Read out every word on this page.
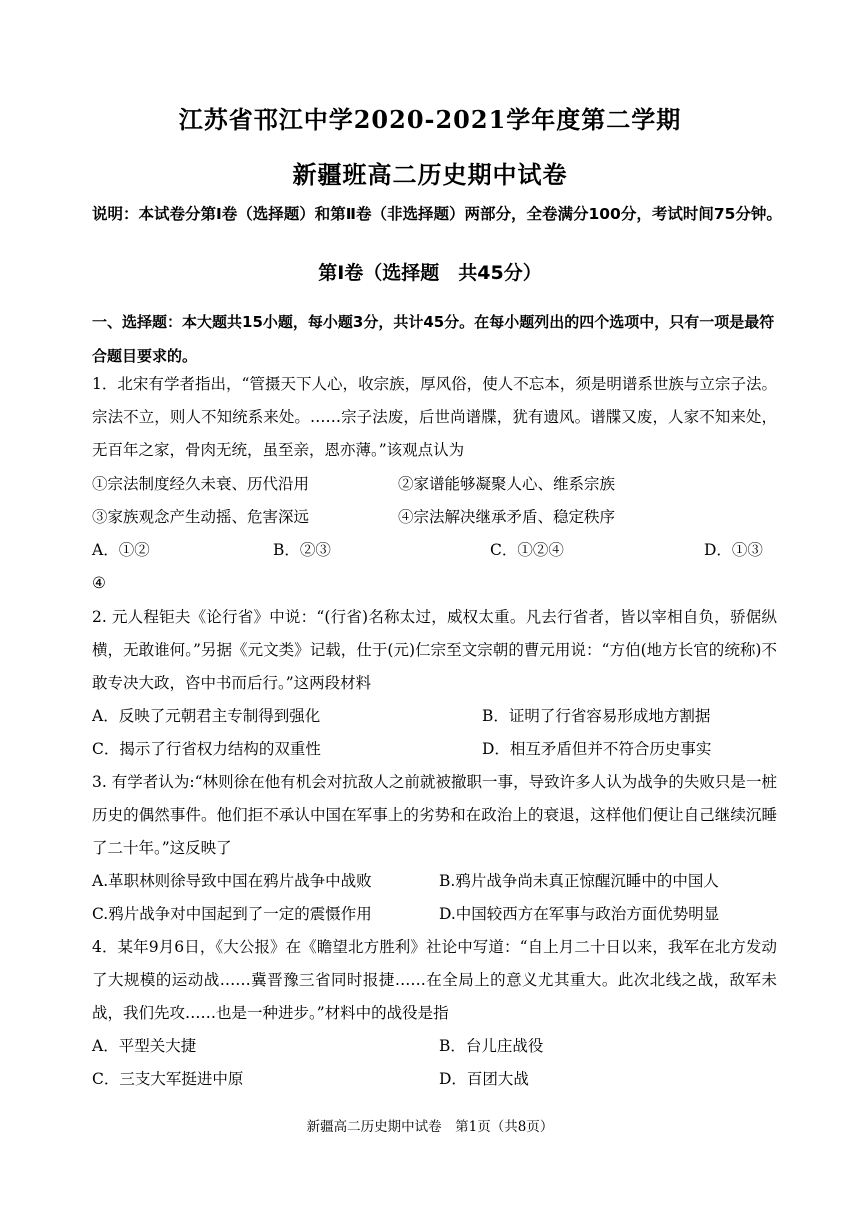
江苏省邗江中学2020-2021学年度第二学期
新疆班高二历史期中试卷
说明：本试卷分第Ⅰ卷（选择题）和第Ⅱ卷（非选择题）两部分，全卷满分100分，考试时间75分钟。
第Ⅰ卷（选择题　共45分）
一、选择题：本大题共15小题，每小题3分，共计45分。在每小题列出的四个选项中，只有一项是最符合题目要求的。
1．北宋有学者指出，“管摄天下人心，收宗族，厚风俗，使人不忘本，须是明谱系世族与立宗子法。宗法不立，则人不知统系来处。……宗子法废，后世尚谱牒，犹有遗风。谱牒又废，人家不知来处，无百年之家，骨肉无统，虽至亲，恩亦薄。”该观点认为
①宗法制度经久未衰、历代沿用	②家谱能够凝聚人心、维系宗族
③家族观念产生动摇、危害深远	④宗法解决继承矛盾、稳定秩序
A．①②	B．②③	C．①②④	D．①③
④
2. 元人程钜夫《论行省》中说：“(行省)名称太过，威权太重。凡去行省者，皆以宰相自负，骄倨纵横，无敢谁何。”另据《元文类》记载，仕于(元)仁宗至文宗朝的曹元用说：“方伯(地方长官的统称)不敢专决大政，咨中书而后行。”这两段材料
A．反映了元朝君主专制得到强化	B．证明了行省容易形成地方割据
C．揭示了行省权力结构的双重性	D．相互矛盾但并不符合历史事实
3. 有学者认为:“林则徐在他有机会对抗敌人之前就被撤职一事，导致许多人认为战争的失败只是一桩历史的偶然事件。他们拒不承认中国在军事上的劣势和在政治上的衰退，这样他们便让自己继续沉睡了二十年。”这反映了
A.革职林则徐导致中国在鸦片战争中战败	B.鸦片战争尚未真正惊醒沉睡中的中国人
C.鸦片战争对中国起到了一定的震慑作用	D.中国较西方在军事与政治方面优势明显
4．某年9月6日，《大公报》在《瞻望北方胜利》社论中写道：“自上月二十日以来，我军在北方发动了大规模的运动战……冀晋豫三省同时报捷……在全局上的意义尤其重大。此次北线之战，敌军未战，我们先攻……也是一种进步。”材料中的战役是指
A．平型关大捷	B．台儿庄战役
C．三支大军挺进中原	D．百团大战
新疆高二历史期中试卷　第1页（共8页）
